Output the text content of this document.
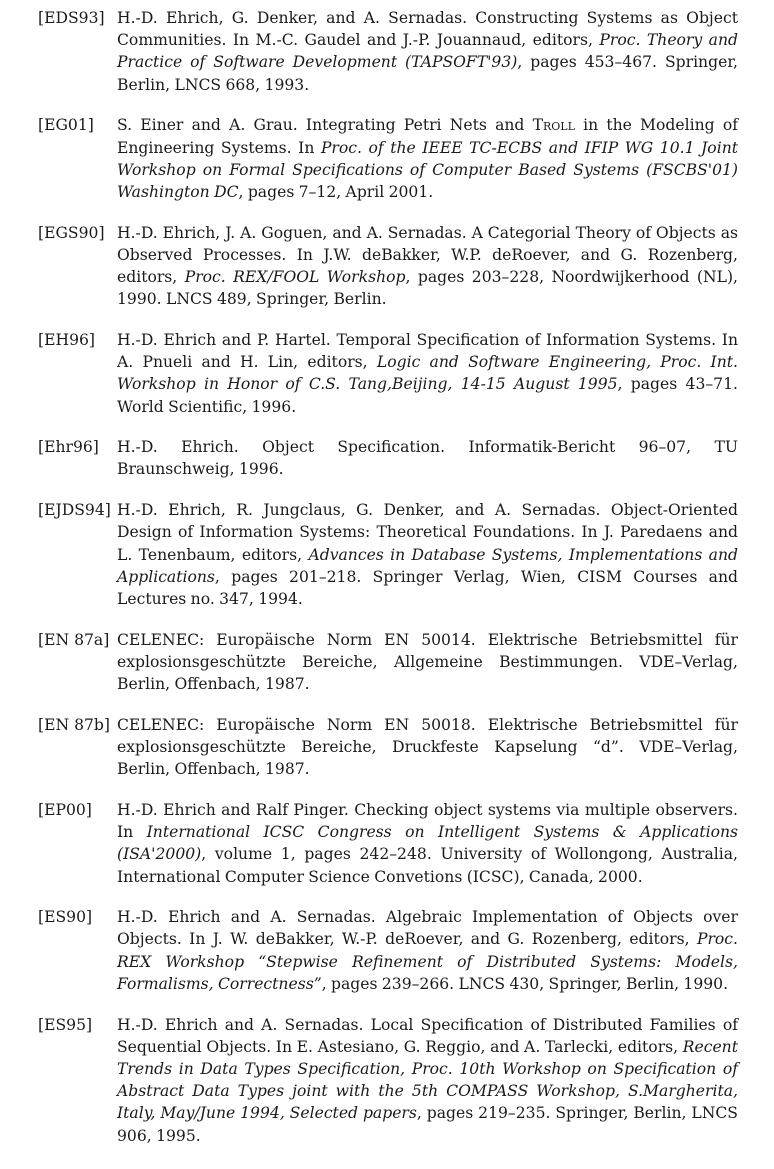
[EDS93] H.-D. Ehrich, G. Denker, and A. Sernadas. Constructing Systems as Object Communities. In M.-C. Gaudel and J.-P. Jouannaud, editors, Proc. Theory and Practice of Software Development (TAPSOFT'93), pages 453–467. Springer, Berlin, LNCS 668, 1993.
[EG01]	S. Einer and A. Grau. Integrating Petri Nets and Troll in the Modeling of Engineering Systems. In Proc. of the IEEE TC-ECBS and IFIP WG 10.1 Joint Workshop on Formal Specifications of Computer Based Systems (FSCBS'01) Washington DC, pages 7–12, April 2001.
[EGS90] H.-D. Ehrich, J. A. Goguen, and A. Sernadas. A Categorial Theory of Objects as Observed Processes. In J.W. deBakker, W.P. deRoever, and G. Rozenberg, editors, Proc. REX/FOOL Workshop, pages 203–228, Noordwijkerhood (NL), 1990. LNCS 489, Springer, Berlin.
[EH96]	H.-D. Ehrich and P. Hartel. Temporal Specification of Information Systems. In A. Pnueli and H. Lin, editors, Logic and Software Engineering, Proc. Int. Workshop in Honor of C.S. Tang,Beijing, 14-15 August 1995, pages 43–71. World Scientific, 1996.
[Ehr96]	H.-D. Ehrich. Object Specification. Informatik-Bericht 96–07, TU Braunschweig, 1996.
[EJDS94] H.-D. Ehrich, R. Jungclaus, G. Denker, and A. Sernadas. Object-Oriented Design of Information Systems: Theoretical Foundations. In J. Paredaens and L. Tenenbaum, editors, Advances in Database Systems, Implementations and Applications, pages 201–218. Springer Verlag, Wien, CISM Courses and Lectures no. 347, 1994.
[EN 87a] CELENEC: Europäische Norm EN 50014. Elektrische Betriebsmittel für explosionsgeschützte Bereiche, Allgemeine Bestimmungen. VDE–Verlag, Berlin, Offenbach, 1987.
[EN 87b] CELENEC: Europäische Norm EN 50018. Elektrische Betriebsmittel für explosionsgeschützte Bereiche, Druckfeste Kapselung “d”. VDE–Verlag, Berlin, Offenbach, 1987.
[EP00]	H.-D. Ehrich and Ralf Pinger. Checking object systems via multiple observers. In International ICSC Congress on Intelligent Systems & Applications (ISA'2000), volume 1, pages 242–248. University of Wollongong, Australia, International Computer Science Convetions (ICSC), Canada, 2000.
[ES90]	H.-D. Ehrich and A. Sernadas. Algebraic Implementation of Objects over Objects. In J. W. deBakker, W.-P. deRoever, and G. Rozenberg, editors, Proc. REX Workshop “Stepwise Refinement of Distributed Systems: Models, Formalisms, Correctness”, pages 239–266. LNCS 430, Springer, Berlin, 1990.
[ES95]	H.-D. Ehrich and A. Sernadas. Local Specification of Distributed Families of Sequential Objects. In E. Astesiano, G. Reggio, and A. Tarlecki, editors, Recent Trends in Data Types Specification, Proc. 10th Workshop on Specification of Abstract Data Types joint with the 5th COMPASS Workshop, S.Margherita, Italy, May/June 1994, Selected papers, pages 219–235. Springer, Berlin, LNCS 906, 1995.
